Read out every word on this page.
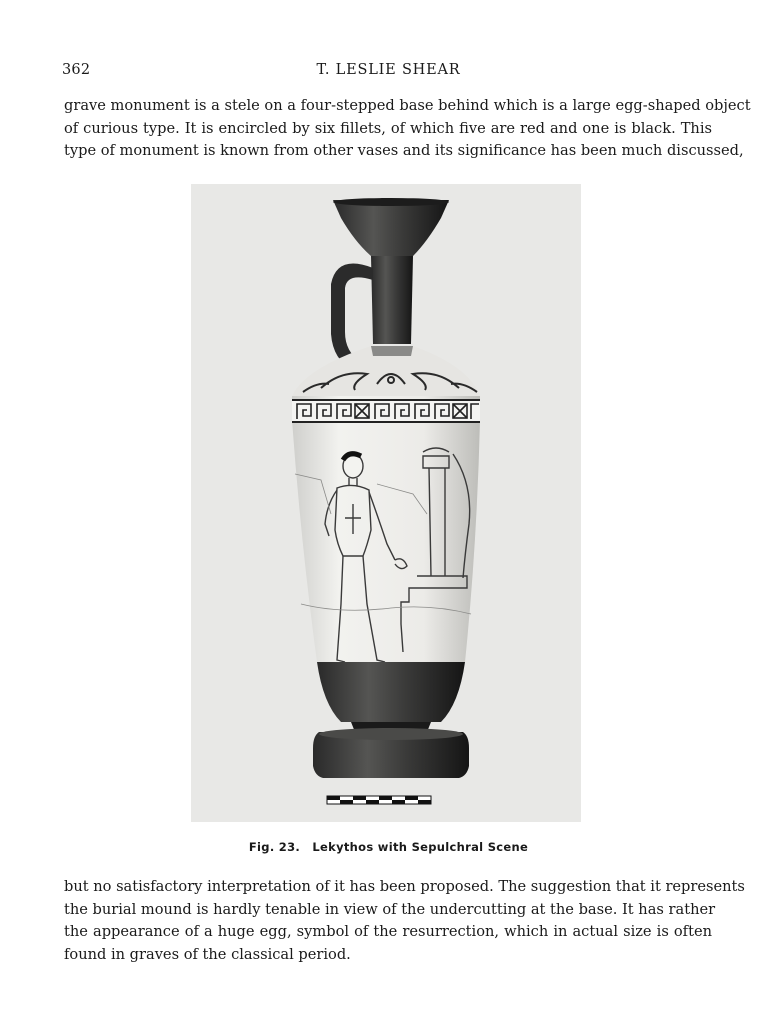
362	T. LESLIE SHEAR
grave monument is a stele on a four-stepped base behind which is a large egg-shaped object
of curious type. It is encircled by six fillets, of which five are red and one is black. This
type of monument is known from other vases and its significance has been much discussed,
Fig. 23. Lekythos with Sepulchral Scene
but no satisfactory interpretation of it has been proposed. The suggestion that it represents
the burial mound is hardly tenable in view of the undercutting at the base. It has rather
the appearance of a huge egg, symbol of the resurrection, which in actual size is often
found in graves of the classical period.
